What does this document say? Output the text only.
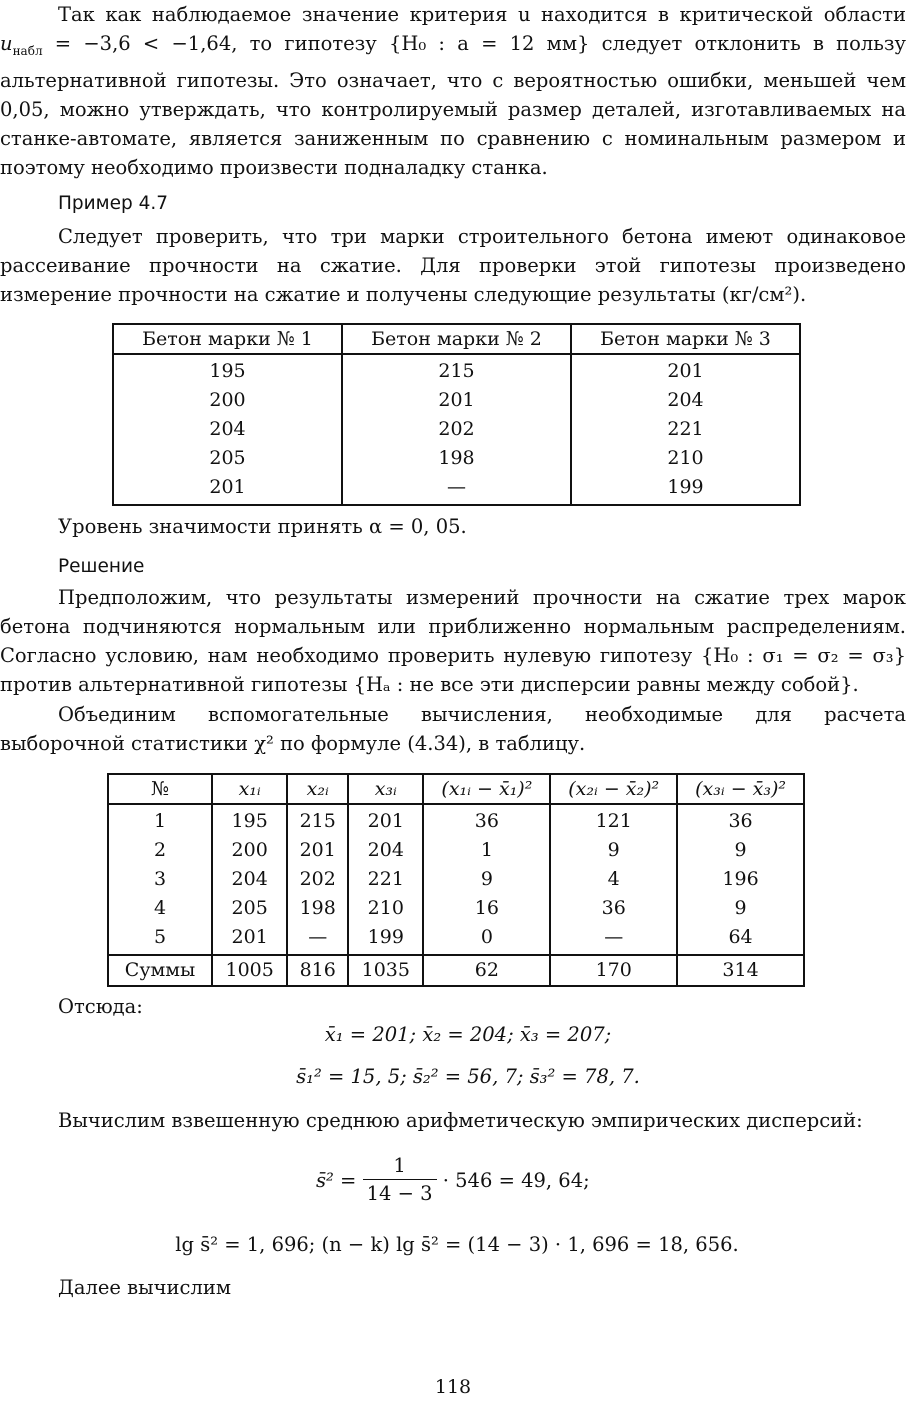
Так как наблюдаемое значение критерия u находится в критической области $u_{набл} = -3,6 < -1,64$, то гипотезу {H₀ : a = 12 мм} следует отклонить в пользу альтернативной гипотезы. Это означает, что с вероятностью ошибки, меньшей чем 0,05, можно утверждать, что контролируемый размер деталей, изготавливаемых на станке-автомате, является заниженным по сравнению с номинальным размером и поэтому необходимо произвести подналадку станка.
Пример 4.7
Следует проверить, что три марки строительного бетона имеют одинаковое рассеивание прочности на сжатие. Для проверки этой гипотезы произведено измерение прочности на сжатие и получены следующие результаты (кг/см²).
Бетон марки № 1	Бетон марки № 2	Бетон марки № 3
195	215	201
200	201	204
204	202	221
205	198	210
201	—	199
Уровень значимости принять α = 0, 05.
Решение
Предположим, что результаты измерений прочности на сжатие трех марок бетона подчиняются нормальным или приближенно нормальным распределениям. Согласно условию, нам необходимо проверить нулевую гипотезу {H₀ : σ₁ = σ₂ = σ₃} против альтернативной гипотезы {Hₐ : не все эти дисперсии равны между собой}.
Объединим вспомогательные вычисления, необходимые для расчета выборочной статистики χ² по формуле (4.34), в таблицу.
№	x₁ᵢ	x₂ᵢ	x₃ᵢ	(x₁ᵢ − x̄₁)²	(x₂ᵢ − x̄₂)²	(x₃ᵢ − x̄₃)²
1	195	215	201	36	121	36
2	200	201	204	1	9	9
3	204	202	221	9	4	196
4	205	198	210	16	36	9
5	201	—	199	0	—	64
Суммы	1005	816	1035	62	170	314
Отсюда:
x̄₁ = 201; x̄₂ = 204; x̄₃ = 207;
s̄₁² = 15, 5; s̄₂² = 56, 7; s̄₃² = 78, 7.
Вычислим взвешенную среднюю арифметическую эмпирических дисперсий:
s̄² = $\frac{1}{14 - 3} \cdot 546 = 49$, 64;
lg s̄² = 1, 696; (n − k) lg s̄² = (14 − 3) · 1, 696 = 18, 656.
Далее вычислим
118
